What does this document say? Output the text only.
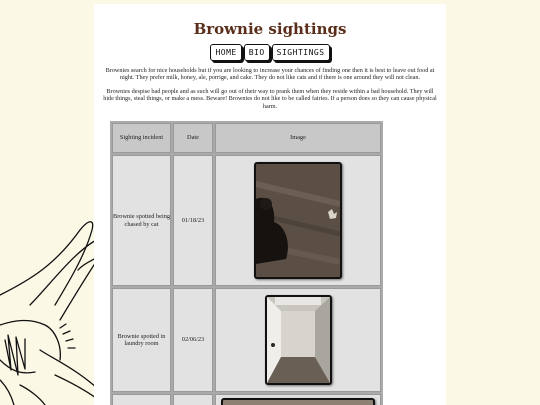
Brownie sightings
HOME	BIO	SIGHTINGS

Brownies search for nice households but if you are looking to increase your chances of finding one then it is best to leave out food at night. They prefer milk, honey, ale, porrige, and cake. They do not like cats and if there is one around they will not clean.

Brownies despise bad people and as such will go out of their way to prank them when they reside within a bad household. They will hide things, steal things, or make a mess. Beware! Brownies do not like to be called fairies. If a person does so they can cause physical harm.

Sighting incident	Date	Image
Brownie spotted being chased by cat	01/18/23	

Brownie spotted in laundry room	02/06/23	
